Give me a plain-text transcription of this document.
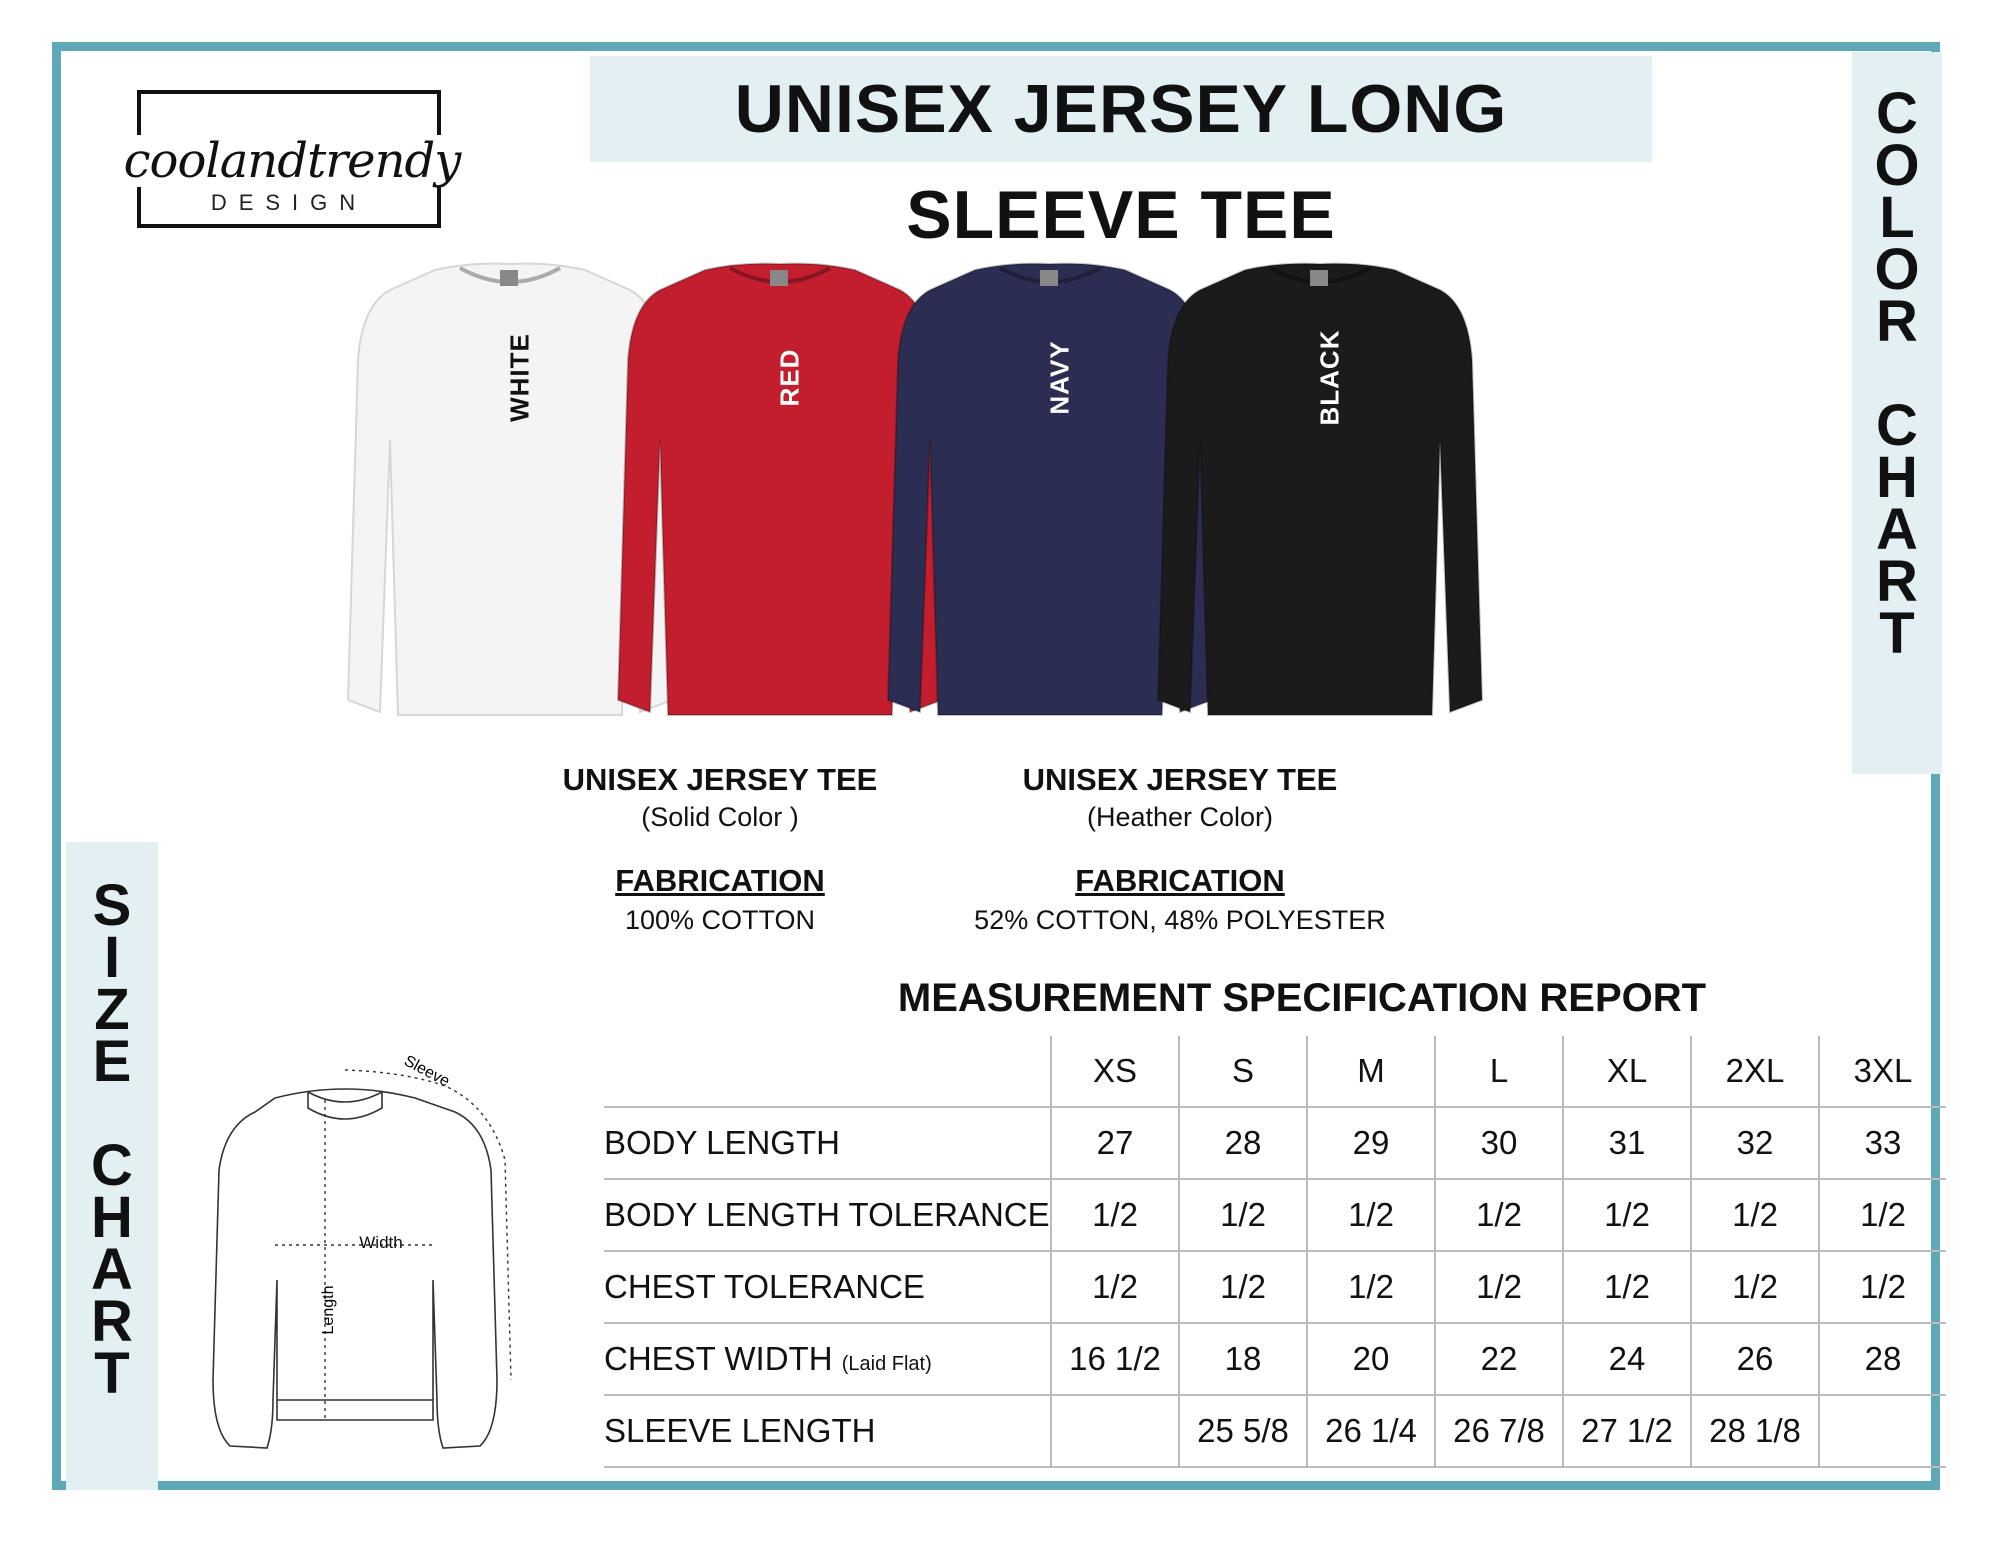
coolandtrendy
DESIGN
UNISEX JERSEY LONG SLEEVE TEE
C
O
L
O
R
C
H
A
R
T
S
I
Z
E
C
H
A
R
T
WHITE	RED	NAVY	BLACK
UNISEX JERSEY TEE
(Solid Color )
FABRICATION
100% COTTON
UNISEX JERSEY TEE
(Heather Color)
FABRICATION
52% COTTON, 48% POLYESTER
MEASUREMENT SPECIFICATION REPORT
	XS	S	M	L	XL	2XL	3XL
BODY LENGTH	27	28	29	30	31	32	33
BODY LENGTH TOLERANCE	1/2	1/2	1/2	1/2	1/2	1/2	1/2
CHEST TOLERANCE	1/2	1/2	1/2	1/2	1/2	1/2	1/2
CHEST WIDTH (Laid Flat)	16 1/2	18	20	22	24	26	28
SLEEVE LENGTH		25 5/8	26 1/4	26 7/8	27 1/2	28 1/8	
Sleeve
Width
Length
